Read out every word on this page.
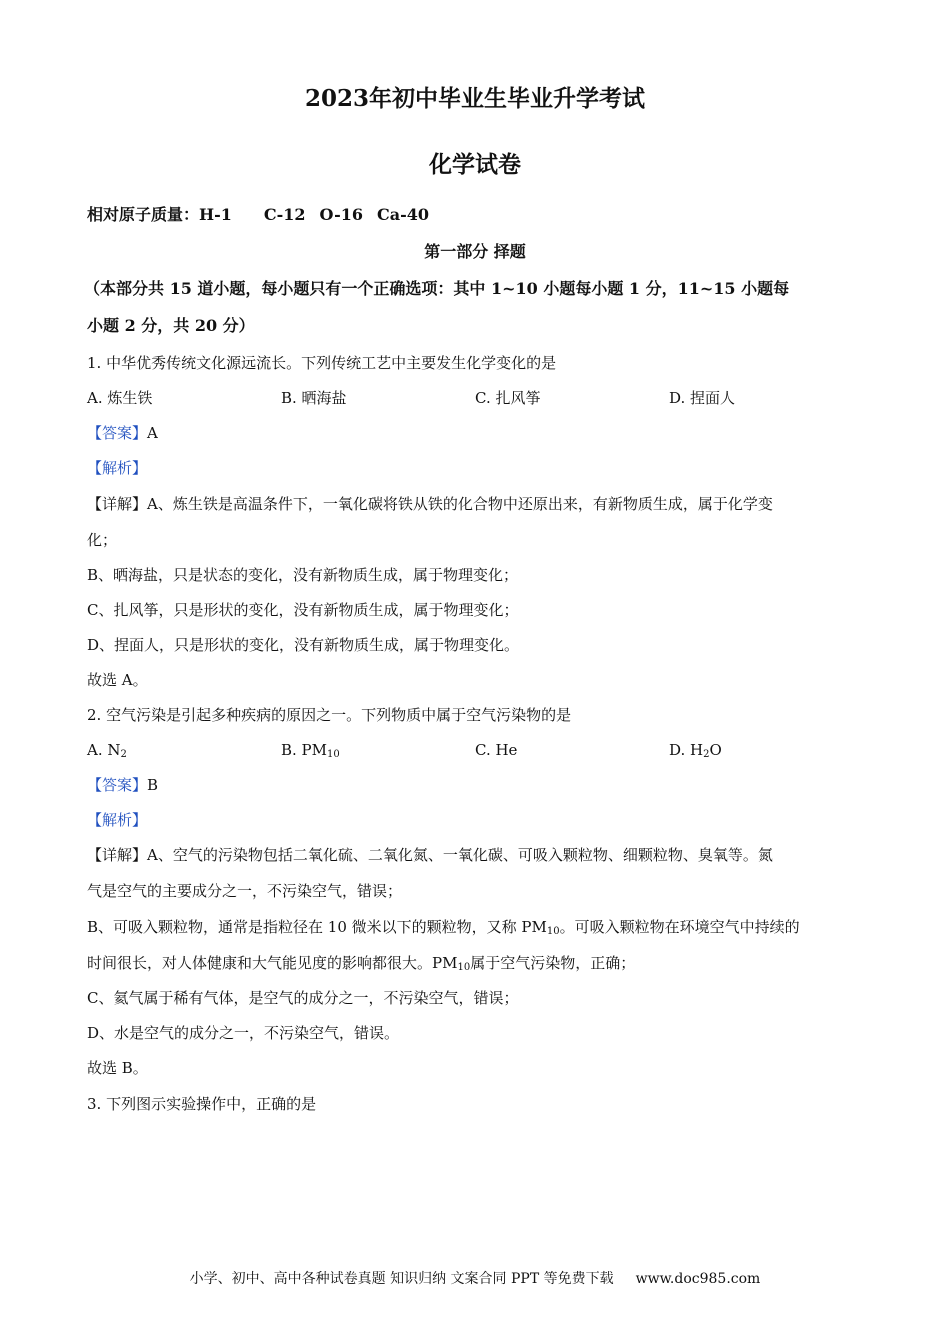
2023年初中毕业生毕业升学考试
化学试卷
相对原子质量：H-1 C-12 O-16 Ca-40
第一部分 择题
（本部分共 15 道小题，每小题只有一个正确选项：其中 1~10 小题每小题 1 分，11~15 小题每
小题 2 分，共 20 分）
1. 中华优秀传统文化源远流长。下列传统工艺中主要发生化学变化的是
A. 炼生铁	B. 晒海盐	C. 扎风筝	D. 捏面人
【答案】A
【解析】
【详解】A、炼生铁是高温条件下，一氧化碳将铁从铁的化合物中还原出来，有新物质生成，属于化学变
化；
B、晒海盐，只是状态的变化，没有新物质生成，属于物理变化；
C、扎风筝，只是形状的变化，没有新物质生成，属于物理变化；
D、捏面人，只是形状的变化，没有新物质生成，属于物理变化。
故选 A。
2. 空气污染是引起多种疾病的原因之一。下列物质中属于空气污染物的是
A. $N_2$	B. $PM_{10}$	C. He	D. $H_2O$
【答案】B
【解析】
【详解】A、空气的污染物包括二氧化硫、二氧化氮、一氧化碳、可吸入颗粒物、细颗粒物、臭氧等。氮
气是空气的主要成分之一，不污染空气，错误；
B、可吸入颗粒物，通常是指粒径在 10 微米以下的颗粒物，又称 $PM_{10}$。可吸入颗粒物在环境空气中持续的
时间很长，对人体健康和大气能见度的影响都很大。$PM_{10}$属于空气污染物，正确；
C、氦气属于稀有气体，是空气的成分之一，不污染空气，错误；
D、水是空气的成分之一，不污染空气，错误。
故选 B。
3. 下列图示实验操作中，正确的是
小学、初中、高中各种试卷真题 知识归纳 文案合同 PPT 等免费下载 www.doc985.com
